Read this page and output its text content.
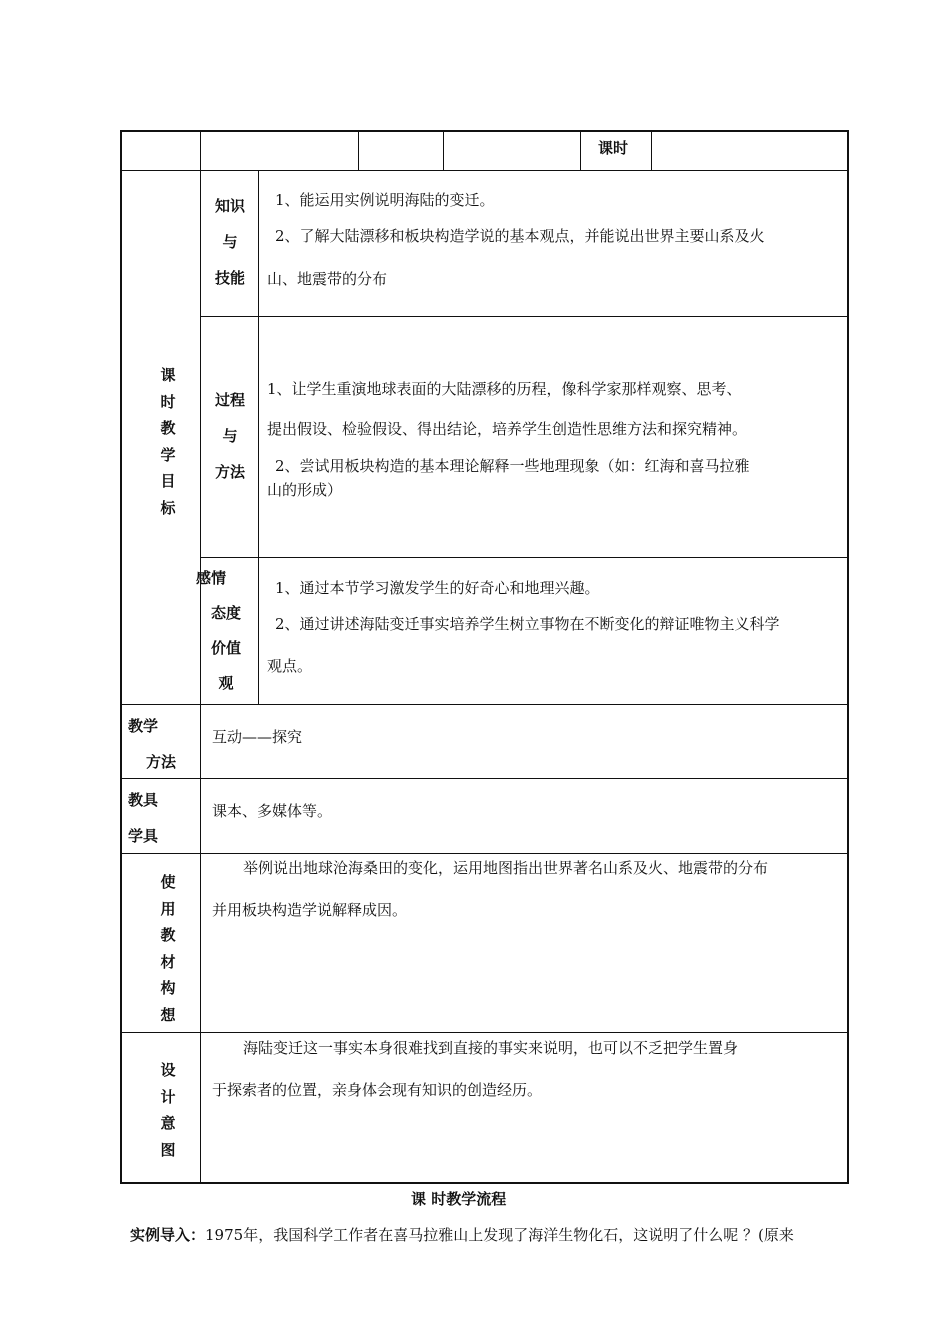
课时
课
时
教
学
目
标
知识
与
技能
1、能运用实例说明海陆的变迁。
2、了解大陆漂移和板块构造学说的基本观点，并能说出世界主要山系及火
山、地震带的分布
过程
与
方法
1、让学生重演地球表面的大陆漂移的历程，像科学家那样观察、思考、
提出假设、检验假设、得出结论，培养学生创造性思维方法和探究精神。
2、尝试用板块构造的基本理论解释一些地理现象（如：红海和喜马拉雅
山的形成）
感情
态度
价值
观
1、通过本节学习激发学生的好奇心和地理兴趣。
2、通过讲述海陆变迁事实培养学生树立事物在不断变化的辩证唯物主义科学
观点。
教学
方法
互动——探究
教具
学具
课本、多媒体等。
使
用
教
材
构
想
举例说出地球沧海桑田的变化，运用地图指出世界著名山系及火、地震带的分布
并用板块构造学说解释成因。
设
计
意
图
海陆变迁这一事实本身很难找到直接的事实来说明，也可以不乏把学生置身
于探索者的位置，亲身体会现有知识的创造经历。
课 时教学流程
实例导入：1975年，我国科学工作者在喜马拉雅山上发现了海洋生物化石，这说明了什么呢 ？(原来
